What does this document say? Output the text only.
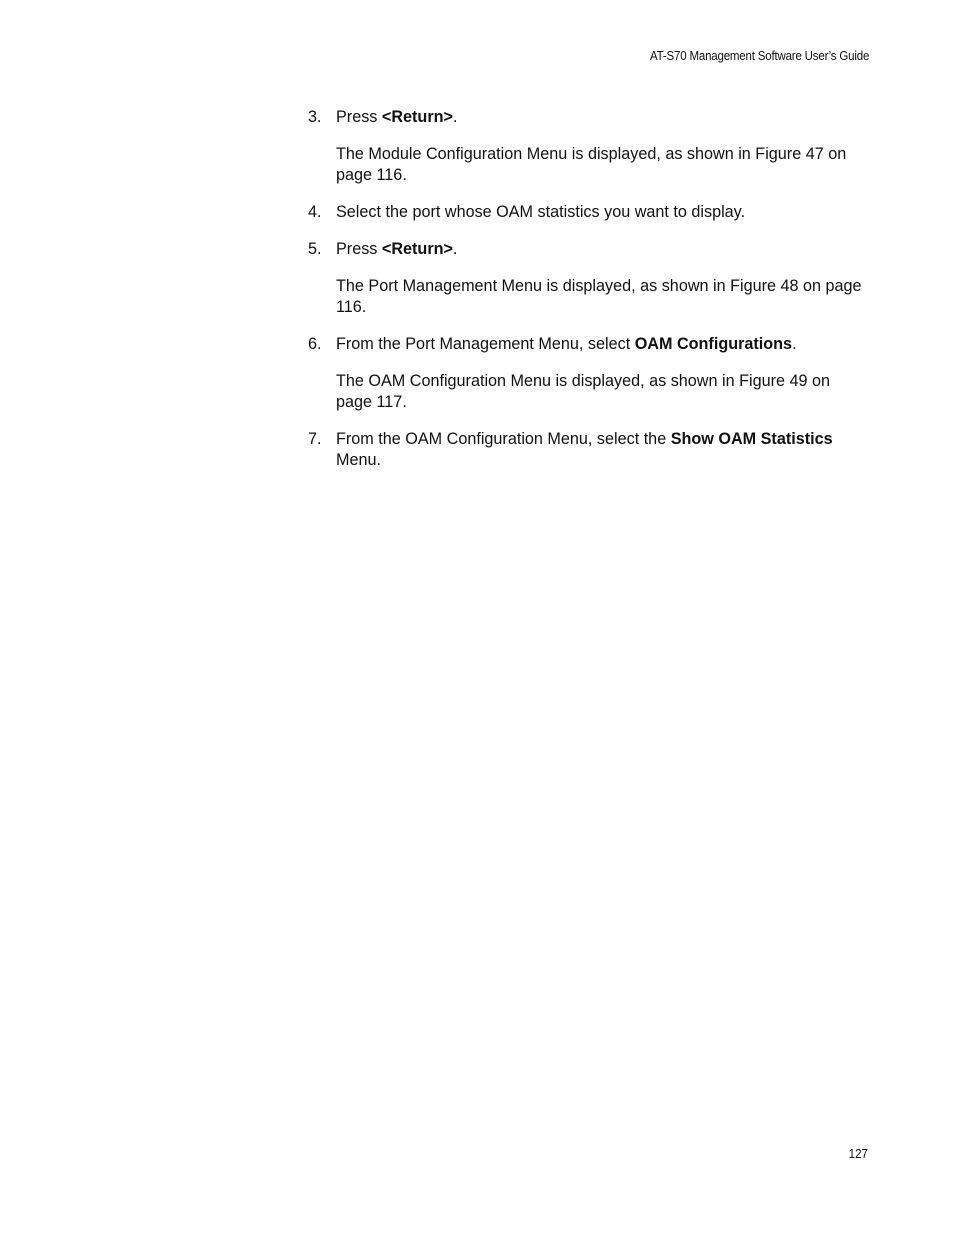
AT-S70 Management Software User’s Guide
3. Press <Return>.
The Module Configuration Menu is displayed, as shown in Figure 47 on page 116.
4. Select the port whose OAM statistics you want to display.
5. Press <Return>.
The Port Management Menu is displayed, as shown in Figure 48 on page 116.
6. From the Port Management Menu, select OAM Configurations.
The OAM Configuration Menu is displayed, as shown in Figure 49 on page 117.
7. From the OAM Configuration Menu, select the Show OAM Statistics Menu.
127
